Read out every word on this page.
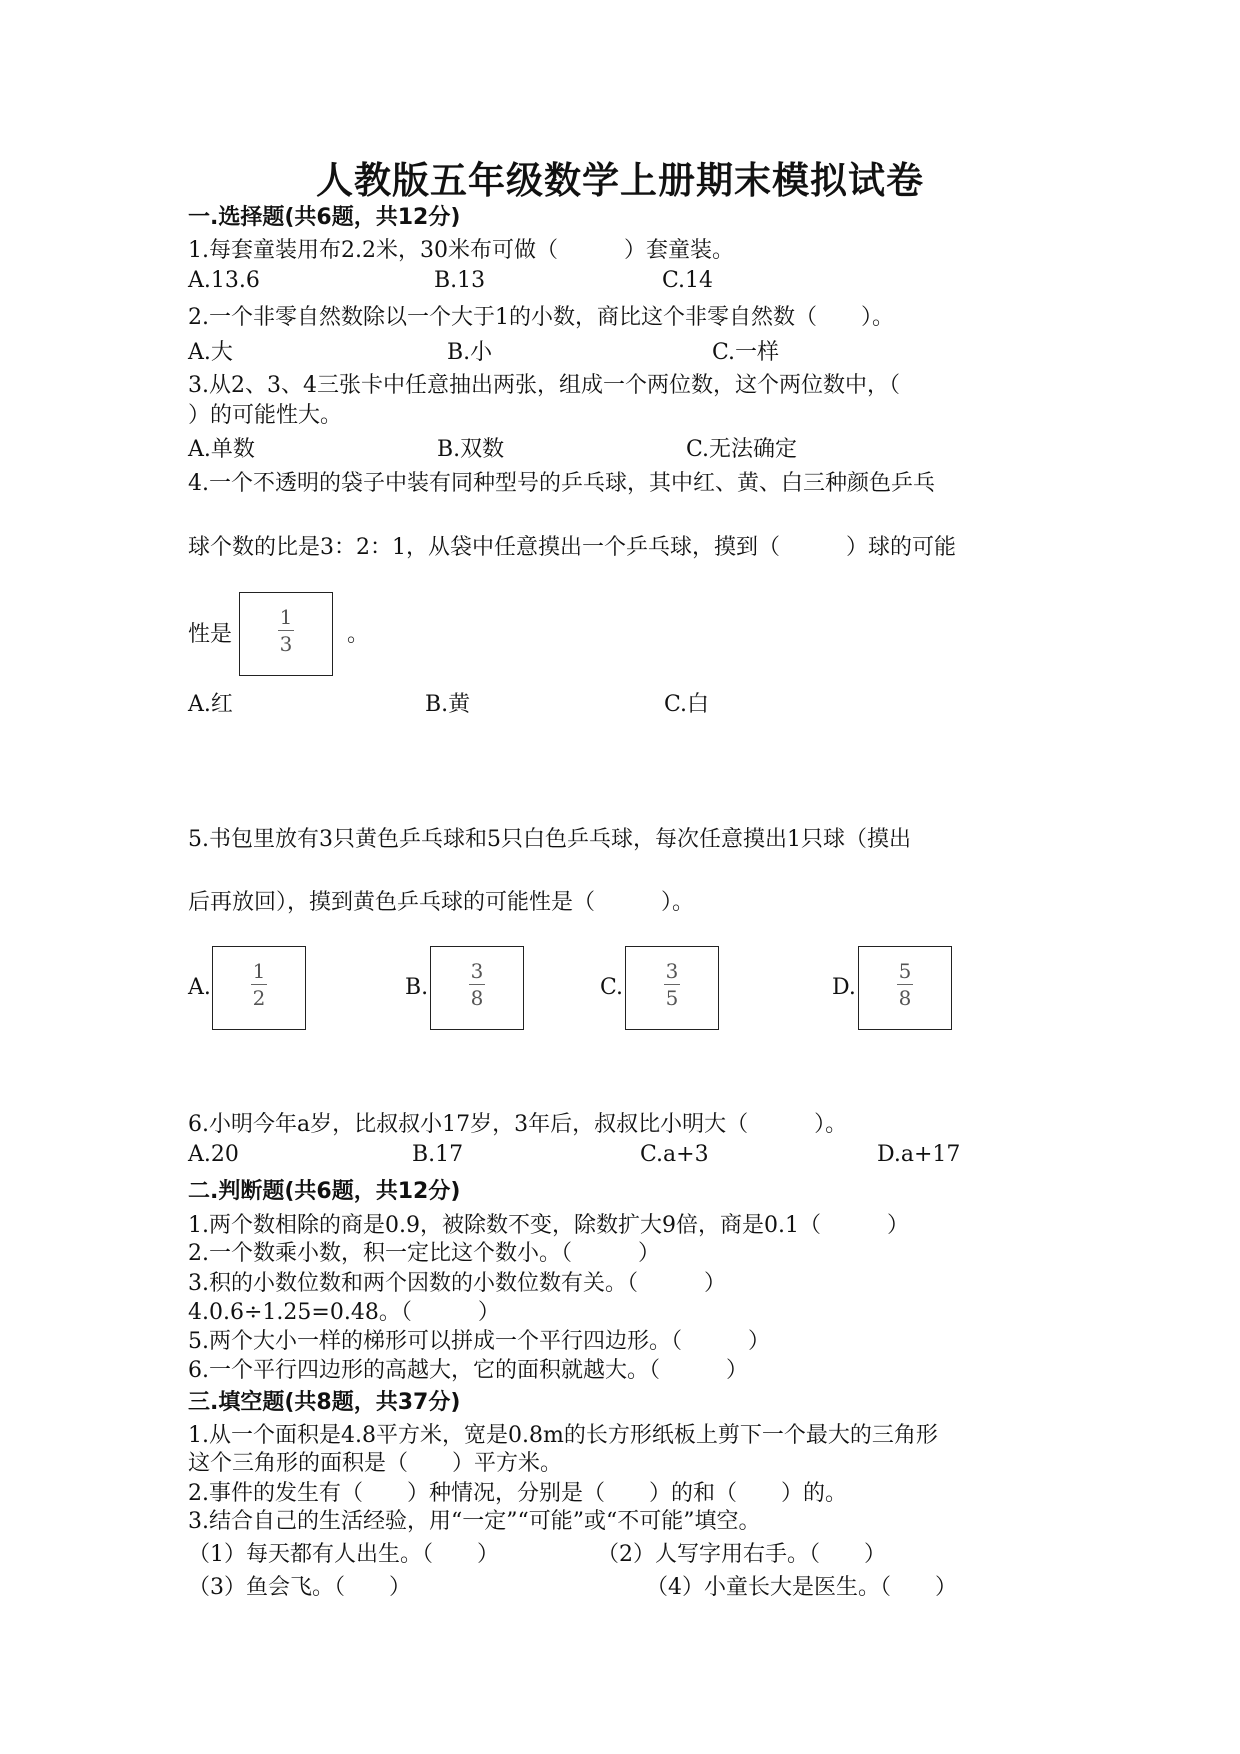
人教版五年级数学上册期末模拟试卷
一.选择题(共6题，共12分)
1.每套童装用布2.2米，30米布可做（　　　）套童装。
A.13.6	B.13	C.14
2.一个非零自然数除以一个大于1的小数，商比这个非零自然数（　　）。
A.大	B.小	C.一样
3.从2、3、4三张卡中任意抽出两张，组成一个两位数，这个两位数中，（
）的可能性大。
A.单数	B.双数	C.无法确定
4.一个不透明的袋子中装有同种型号的乒乓球，其中红、黄、白三种颜色乒乓
球个数的比是3：2：1，从袋中任意摸出一个乒乓球，摸到（　　　）球的可能
性是
1
3	。
A.红	B.黄	C.白
5.书包里放有3只黄色乒乓球和5只白色乒乓球，每次任意摸出1只球（摸出
后再放回），摸到黄色乒乓球的可能性是（　　　）。
A.
1
2	B.
3
8	C.
3
5	D.
5
8
6.小明今年a岁，比叔叔小17岁，3年后，叔叔比小明大（　　　）。
A.20	B.17	C.a+3	D.a+17
二.判断题(共6题，共12分)
1.两个数相除的商是0.9，被除数不变，除数扩大9倍，商是0.1（　　　）
2.一个数乘小数，积一定比这个数小。（　　　）
3.积的小数位数和两个因数的小数位数有关。（　　　）
4.0.6÷1.25=0.48。（　　　）
5.两个大小一样的梯形可以拼成一个平行四边形。（　　　）
6.一个平行四边形的高越大，它的面积就越大。（　　　）
三.填空题(共8题，共37分)
1.从一个面积是4.8平方米，宽是0.8m的长方形纸板上剪下一个最大的三角形
这个三角形的面积是（　　）平方米。
2.事件的发生有（　　）种情况，分别是（　　）的和（　　）的。
3.结合自己的生活经验，用“一定”“可能”或“不可能”填空。
（1）每天都有人出生。（　　）	（2）人写字用右手。（　　）
（3）鱼会飞。（　　）	（4）小童长大是医生。（　　）
